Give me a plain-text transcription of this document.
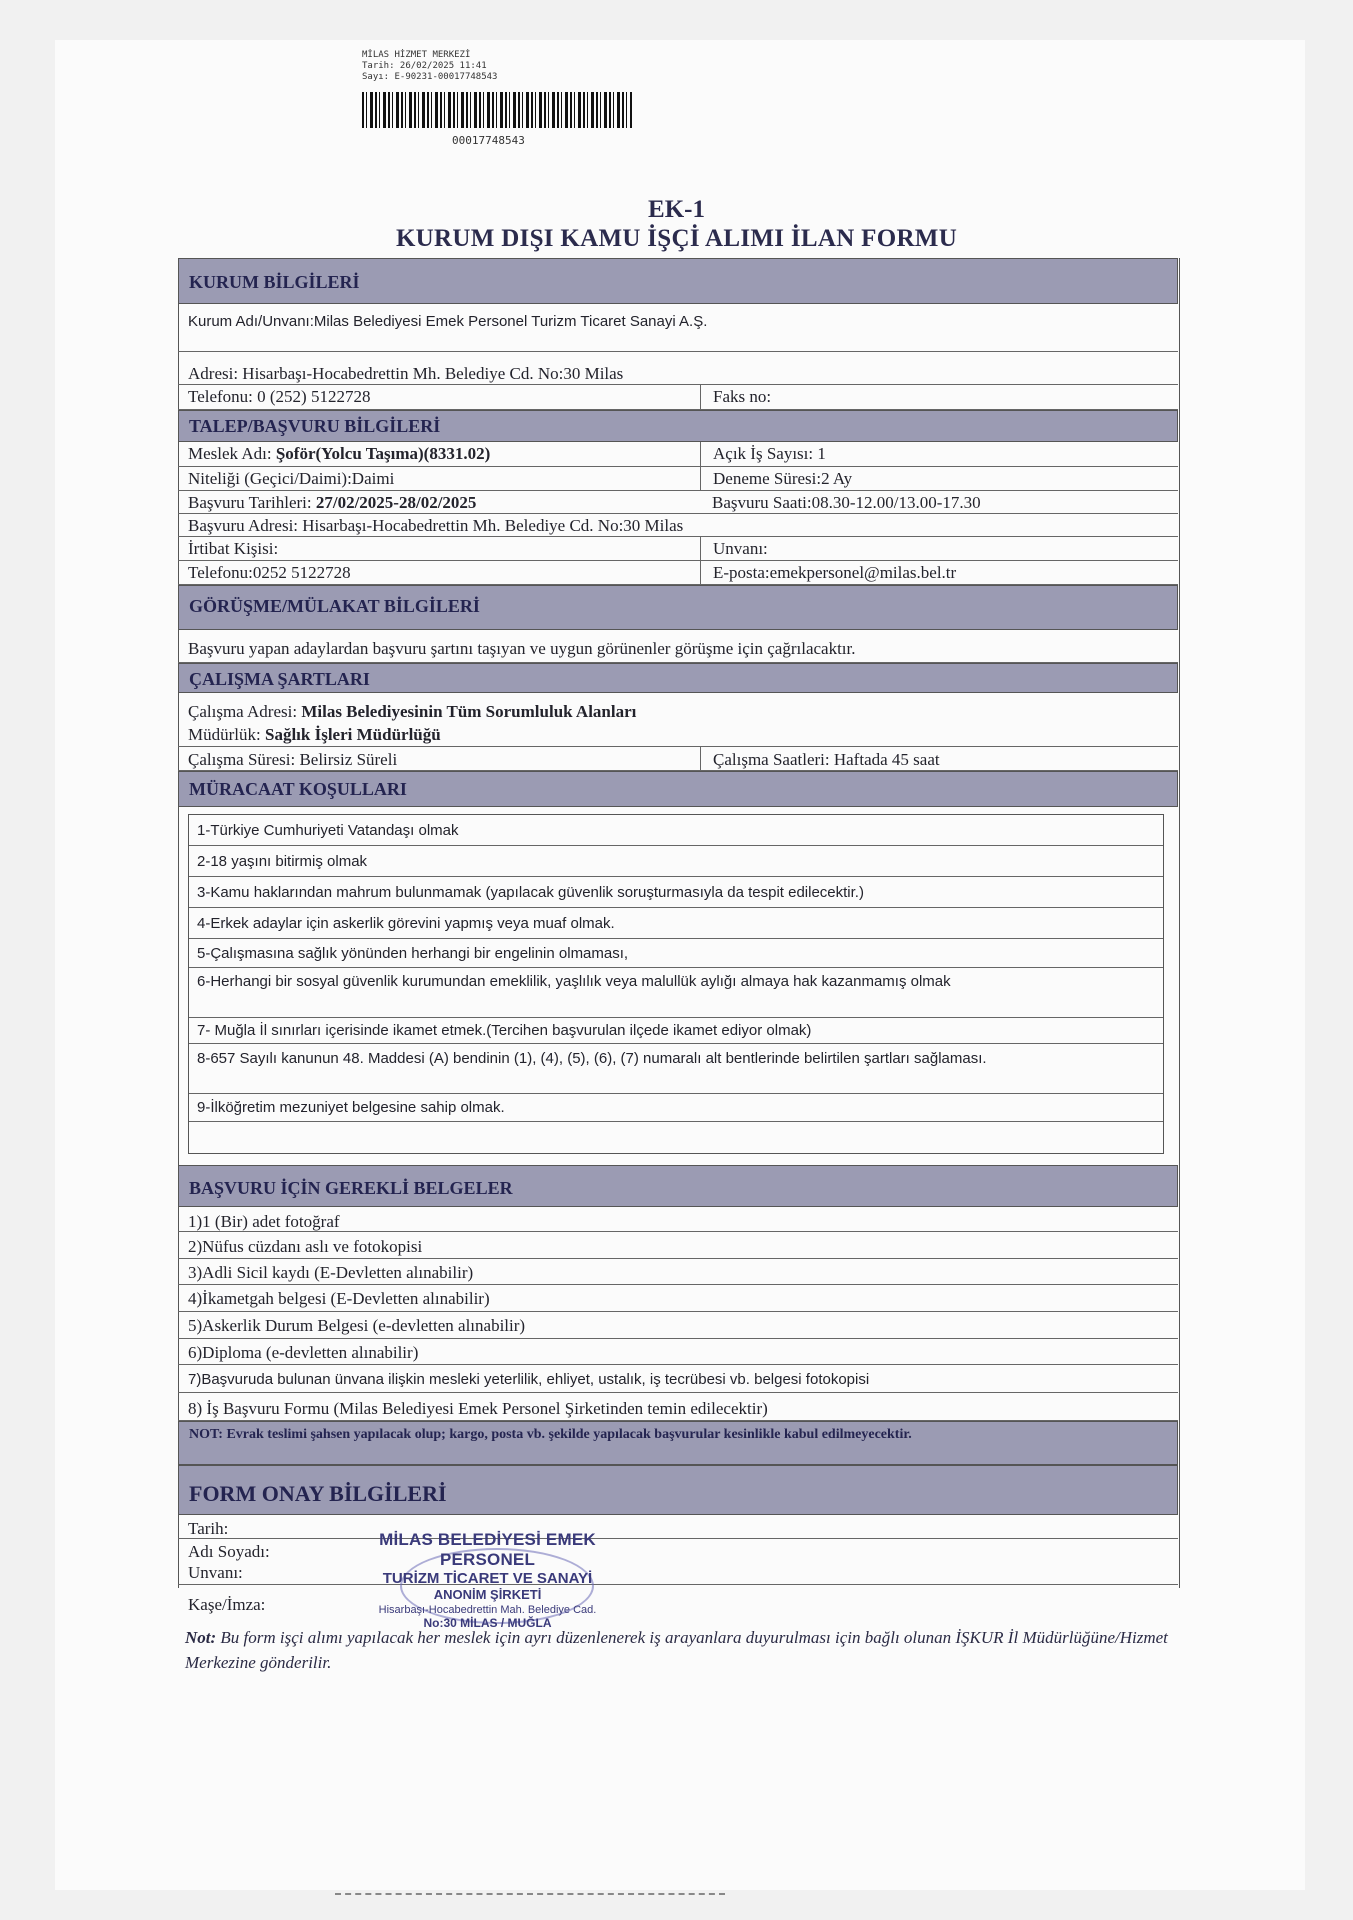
MİLAS HİZMET MERKEZİ
Tarih: 26/02/2025 11:41
Sayı: E-90231-00017748543
00017748543
EK-1
KURUM DIŞI KAMU İŞÇİ ALIMI İLAN FORMU
KURUM BİLGİLERİ
Kurum Adı/Unvanı:Milas Belediyesi Emek Personel Turizm Ticaret Sanayi A.Ş.
Adresi: Hisarbaşı-Hocabedrettin Mh. Belediye Cd. No:30 Milas
Telefonu: 0 (252) 5122728	Faks no:
TALEP/BAŞVURU BİLGİLERİ
Meslek Adı: Şoför(Yolcu Taşıma)(8331.02)	Açık İş Sayısı: 1
Niteliği (Geçici/Daimi):Daimi	Deneme Süresi:2 Ay
Başvuru Tarihleri: 27/02/2025-28/02/2025	Başvuru Saati:08.30-12.00/13.00-17.30
Başvuru Adresi: Hisarbaşı-Hocabedrettin Mh. Belediye Cd. No:30 Milas
İrtibat Kişisi:	Unvanı:
Telefonu:0252 5122728	E-posta:emekpersonel@milas.bel.tr
GÖRÜŞME/MÜLAKAT BİLGİLERİ
Başvuru yapan adaylardan başvuru şartını taşıyan ve uygun görünenler görüşme için çağrılacaktır.
ÇALIŞMA ŞARTLARI
Çalışma Adresi: Milas Belediyesinin Tüm Sorumluluk Alanları
Müdürlük: Sağlık İşleri Müdürlüğü
Çalışma Süresi: Belirsiz Süreli	Çalışma Saatleri: Haftada 45 saat
MÜRACAAT KOŞULLARI
1-Türkiye Cumhuriyeti Vatandaşı olmak
2-18 yaşını bitirmiş olmak
3-Kamu haklarından mahrum bulunmamak (yapılacak güvenlik soruşturmasıyla da tespit edilecektir.)
4-Erkek adaylar için askerlik görevini yapmış veya muaf olmak.
5-Çalışmasına sağlık yönünden herhangi bir engelinin olmaması,
6-Herhangi bir sosyal güvenlik kurumundan emeklilik, yaşlılık veya malullük aylığı almaya hak kazanmamış olmak
7- Muğla İl sınırları içerisinde ikamet etmek.(Tercihen başvurulan ilçede ikamet ediyor olmak)
8-657 Sayılı kanunun 48. Maddesi (A) bendinin (1), (4), (5), (6), (7) numaralı alt bentlerinde belirtilen şartları sağlaması.
9-İlköğretim mezuniyet belgesine sahip olmak.
BAŞVURU İÇİN GEREKLİ BELGELER
1)1 (Bir) adet fotoğraf
2)Nüfus cüzdanı aslı ve fotokopisi
3)Adli Sicil kaydı (E-Devletten alınabilir)
4)İkametgah belgesi (E-Devletten alınabilir)
5)Askerlik Durum Belgesi (e-devletten alınabilir)
6)Diploma (e-devletten alınabilir)
7)Başvuruda bulunan ünvana ilişkin mesleki yeterlilik, ehliyet, ustalık, iş tecrübesi vb. belgesi fotokopisi
8) İş Başvuru Formu (Milas Belediyesi Emek Personel Şirketinden temin edilecektir)
NOT: Evrak teslimi şahsen yapılacak olup; kargo, posta vb. şekilde yapılacak başvurular kesinlikle kabul edilmeyecektir.
FORM ONAY BİLGİLERİ
Tarih:
Adı Soyadı:
Unvanı:
Kaşe/İmza:
MİLAS BELEDİYESİ EMEK PERSONEL
TURİZM TİCARET VE SANAYİ
ANONİM ŞİRKETİ
Hisarbaşı-Hocabedrettin Mah. Belediye Cad.
No:30 MİLAS / MUĞLA
Not: Bu form işçi alımı yapılacak her meslek için ayrı düzenlenerek iş arayanlara duyurulması için bağlı olunan İŞKUR İl Müdürlüğüne/Hizmet Merkezine gönderilir.
